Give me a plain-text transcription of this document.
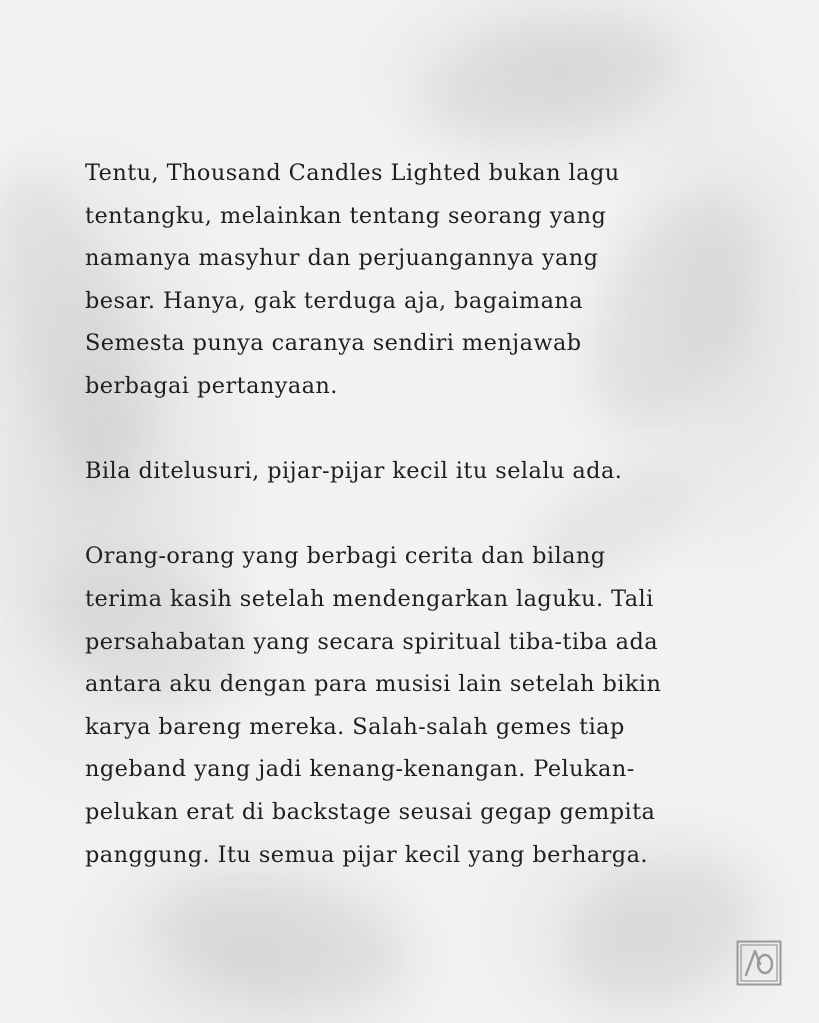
Tentu, Thousand Candles Lighted bukan lagu
tentangku, melainkan tentang seorang yang
namanya masyhur dan perjuangannya yang
besar. Hanya, gak terduga aja, bagaimana
Semesta punya caranya sendiri menjawab
berbagai pertanyaan.

Bila ditelusuri, pijar-pijar kecil itu selalu ada.

Orang-orang yang berbagi cerita dan bilang
terima kasih setelah mendengarkan laguku. Tali
persahabatan yang secara spiritual tiba-tiba ada
antara aku dengan para musisi lain setelah bikin
karya bareng mereka. Salah-salah gemes tiap
ngeband yang jadi kenang-kenangan. Pelukan-
pelukan erat di backstage seusai gegap gempita
panggung. Itu semua pijar kecil yang berharga.
